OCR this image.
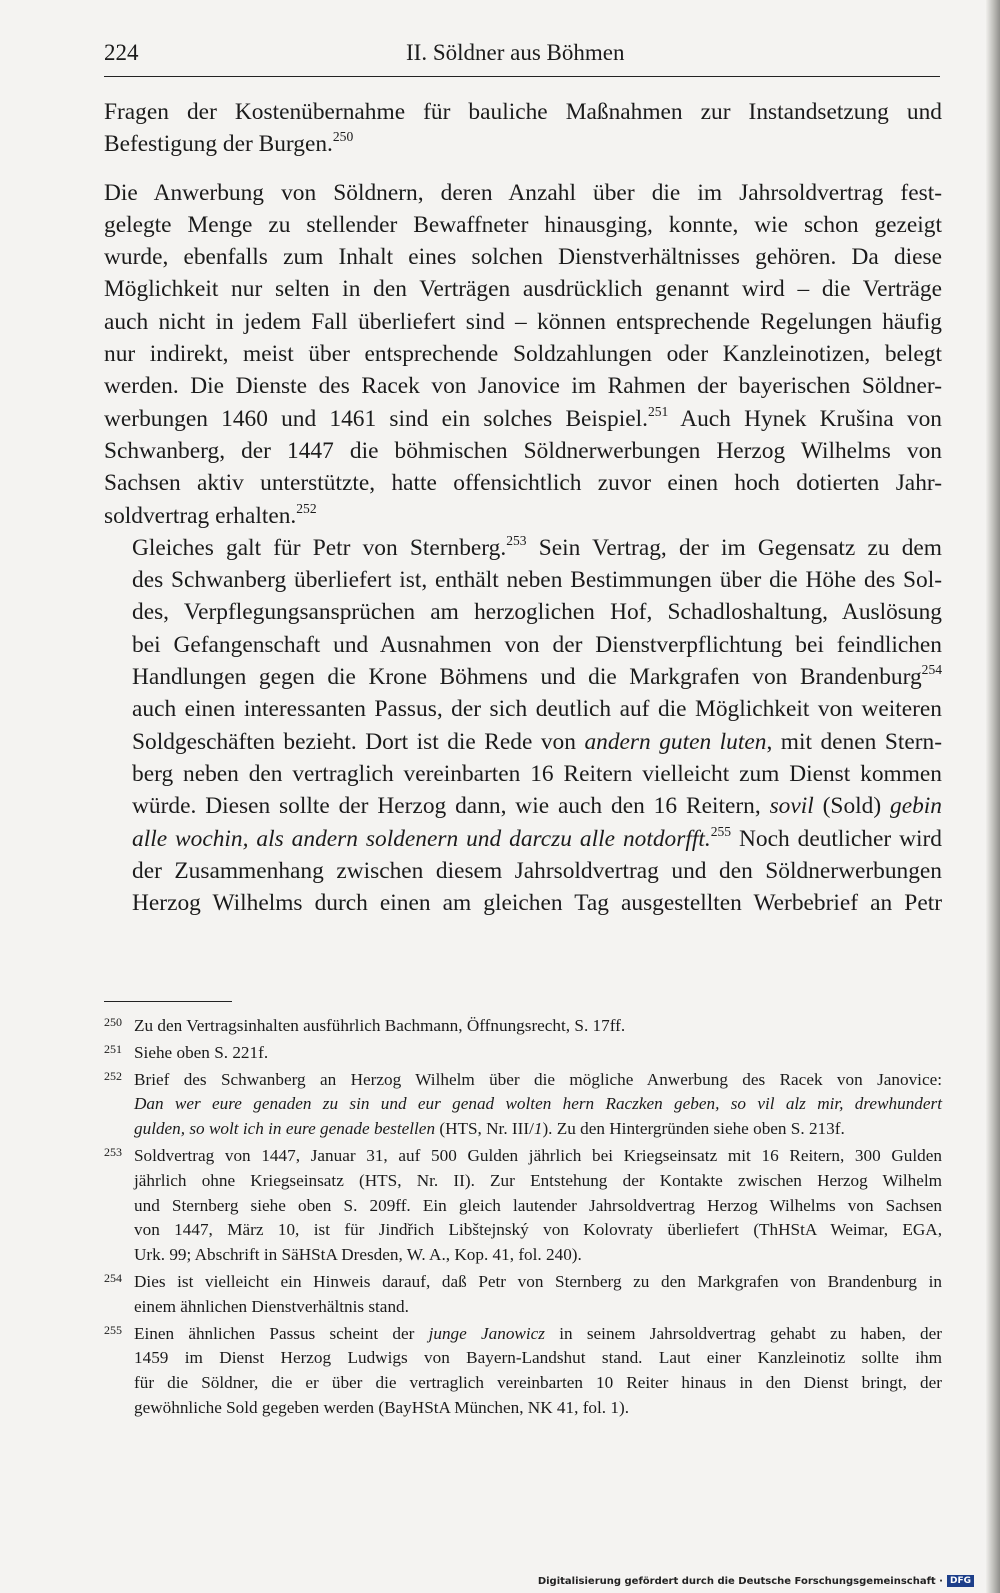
224	II. Söldner aus Böhmen

Fragen der Kostenübernahme für bauliche Maßnahmen zur Instandsetzung und
Befestigung der Burgen.$^{250}$

Die Anwerbung von Söldnern, deren Anzahl über die im Jahrsoldvertrag fest-
gelegte Menge zu stellender Bewaffneter hinausging, konnte, wie schon gezeigt
wurde, ebenfalls zum Inhalt eines solchen Dienstverhältnisses gehören. Da diese
Möglichkeit nur selten in den Verträgen ausdrücklich genannt wird – die Verträge
auch nicht in jedem Fall überliefert sind – können entsprechende Regelungen häufig
nur indirekt, meist über entsprechende Soldzahlungen oder Kanzleinotizen, belegt
werden. Die Dienste des Racek von Janovice im Rahmen der bayerischen Söldner-
werbungen 1460 und 1461 sind ein solches Beispiel.$^{251}$ Auch Hynek Krušina von
Schwanberg, der 1447 die böhmischen Söldnerwerbungen Herzog Wilhelms von
Sachsen aktiv unterstützte, hatte offensichtlich zuvor einen hoch dotierten Jahr-
soldvertrag erhalten.$^{252}$

Gleiches galt für Petr von Sternberg.$^{253}$ Sein Vertrag, der im Gegensatz zu dem
des Schwanberg überliefert ist, enthält neben Bestimmungen über die Höhe des Sol-
des, Verpflegungsansprüchen am herzoglichen Hof, Schadloshaltung, Auslösung
bei Gefangenschaft und Ausnahmen von der Dienstverpflichtung bei feindlichen
Handlungen gegen die Krone Böhmens und die Markgrafen von Brandenburg$^{254}$
auch einen interessanten Passus, der sich deutlich auf die Möglichkeit von weiteren
Soldgeschäften bezieht. Dort ist die Rede von andern guten luten, mit denen Stern-
berg neben den vertraglich vereinbarten 16 Reitern vielleicht zum Dienst kommen
würde. Diesen sollte der Herzog dann, wie auch den 16 Reitern, sovil (Sold) gebin
alle wochin, als andern soldenern und darczu alle notdorfft.$^{255}$ Noch deutlicher wird
der Zusammenhang zwischen diesem Jahrsoldvertrag und den Söldnerwerbungen
Herzog Wilhelms durch einen am gleichen Tag ausgestellten Werbebrief an Petr

250 Zu den Vertragsinhalten ausführlich Bachmann, Öffnungsrecht, S. 17ff.
251 Siehe oben S. 221f.
252 Brief des Schwanberg an Herzog Wilhelm über die mögliche Anwerbung des Racek von Janovice:
Dan wer eure genaden zu sin und eur genad wolten hern Raczken geben, so vil alz mir, drewhundert
gulden, so wolt ich in eure genade bestellen (HTS, Nr. III/1). Zu den Hintergründen siehe oben S. 213f.
253 Soldvertrag von 1447, Januar 31, auf 500 Gulden jährlich bei Kriegseinsatz mit 16 Reitern, 300 Gulden
jährlich ohne Kriegseinsatz (HTS, Nr. II). Zur Entstehung der Kontakte zwischen Herzog Wilhelm
und Sternberg siehe oben S. 209ff. Ein gleich lautender Jahrsoldvertrag Herzog Wilhelms von Sachsen
von 1447, März 10, ist für Jindřich Libštejnský von Kolovraty überliefert (ThHStA Weimar, EGA,
Urk. 99; Abschrift in SäHStA Dresden, W. A., Kop. 41, fol. 240).
254 Dies ist vielleicht ein Hinweis darauf, daß Petr von Sternberg zu den Markgrafen von Brandenburg in
einem ähnlichen Dienstverhältnis stand.
255 Einen ähnlichen Passus scheint der junge Janowicz in seinem Jahrsoldvertrag gehabt zu haben, der
1459 im Dienst Herzog Ludwigs von Bayern-Landshut stand. Laut einer Kanzleinotiz sollte ihm
für die Söldner, die er über die vertraglich vereinbarten 10 Reiter hinaus in den Dienst bringt, der
gewöhnliche Sold gegeben werden (BayHStA München, NK 41, fol. 1).
Digitalisierung gefördert durch die Deutsche Forschungsgemeinschaft · DFG
